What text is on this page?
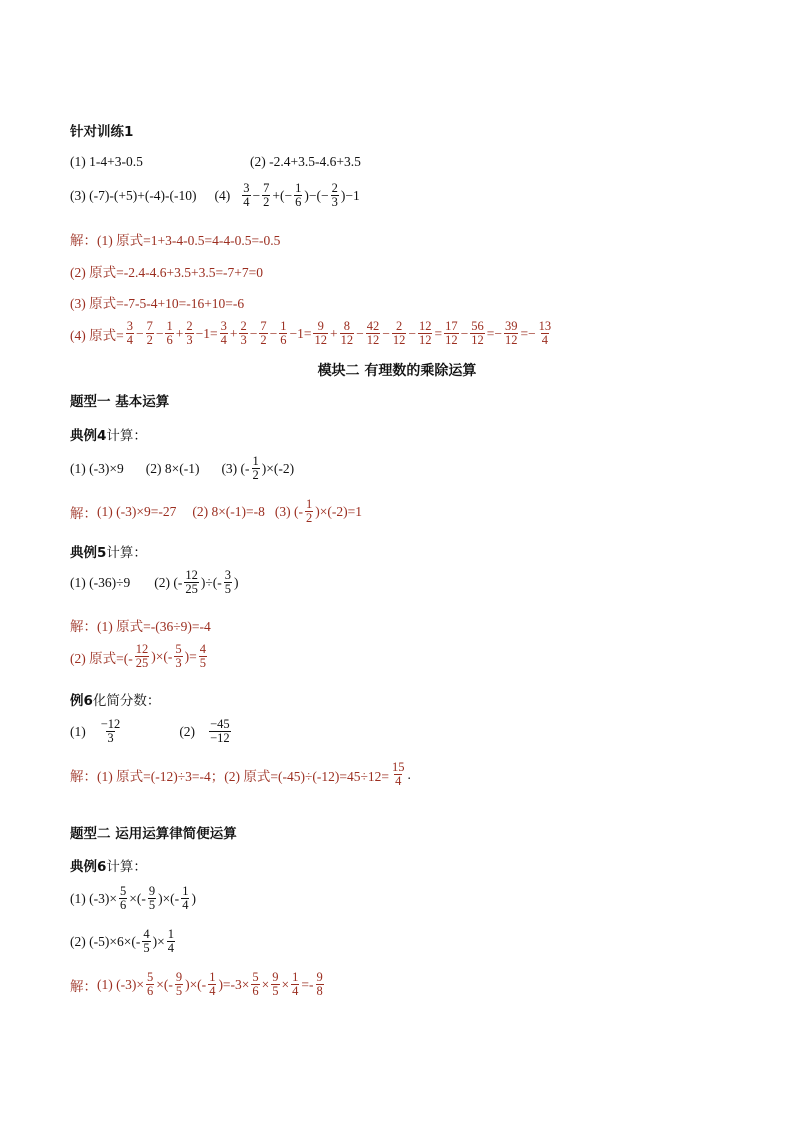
针对训练1
(1) 1-4+3-0.5	(2) -2.4+3.5-4.6+3.5
(3) (-7)-(+5)+(-4)-(-10) $(4) \frac{3}{4} - \frac{7}{2}$ +(− $\frac{1}{6}$ )−(− $\frac{2}{3} )-1$
解： (1) 原式=1+3-4-0.5=4-4-0.5=-0.5
(2) 原式=-2.4-4.6+3.5+3.5=-7+7=0
(3) 原式=-7-5-4+10=-16+10=-6
(4) 原式= $\frac{3}{4} - \frac{7}{2} - \frac{1}{6} + \frac{2}{3} -1= \frac{3}{4} + \frac{2}{3} - \frac{7}{2} - \frac{1}{6} -1= \frac{9}{12} + \frac{8}{12} - \frac{42}{12} - \frac{2}{12} - \frac{12}{12} = \frac{17}{12} - \frac{56}{12} =- \frac{39}{12} =- \frac{13}{4}$
模块二 有理数的乘除运算
题型一 基本运算
典例4 计算：
(1) (-3)×9 (2) 8×(-1) (3) (- $\frac{1}{2} )\times(-2)$
解： (1) (-3)×9=-27 (2) 8×(-1)=-8 (3) (- $\frac{1}{2} )\times(-2)=1$
典例5 计算：
(1) (-36)÷9 (2) (- $\frac{12}{25}$ )÷(- $\frac{3}{5}$ )
解： (1) 原式=-(36÷9)=-4
(2) 原式=(- $\frac{12}{25}$ )×(- $\frac{5}{3}$ )= $\frac{4}{5}$
例6 化简分数：
$(1) \frac{-12}{3}$	$(2) \frac{-45}{-12}$
解：(1) 原式=(-12)÷3=-4；(2) 原式$=(-45)\div(-12)=45\div 12= \frac{15}{4}$ .
题型二 运用运算律简便运算
典例6 计算：
(1) $(-3)\times \frac{5}{6}$ ×(- $\frac{9}{5}$ )×(- $\frac{1}{4}$ )
(2) $(-5)\times 6\times(- \frac{4}{5}$ )× $\frac{1}{4}$
解： (1) $(-3)\times \frac{5}{6}$ ×(- $\frac{9}{5}$ )×(- $\frac{1}{4} )=-3\times \frac{5}{6} \times \frac{9}{5} \times \frac{1}{4} =- \frac{9}{8}$
